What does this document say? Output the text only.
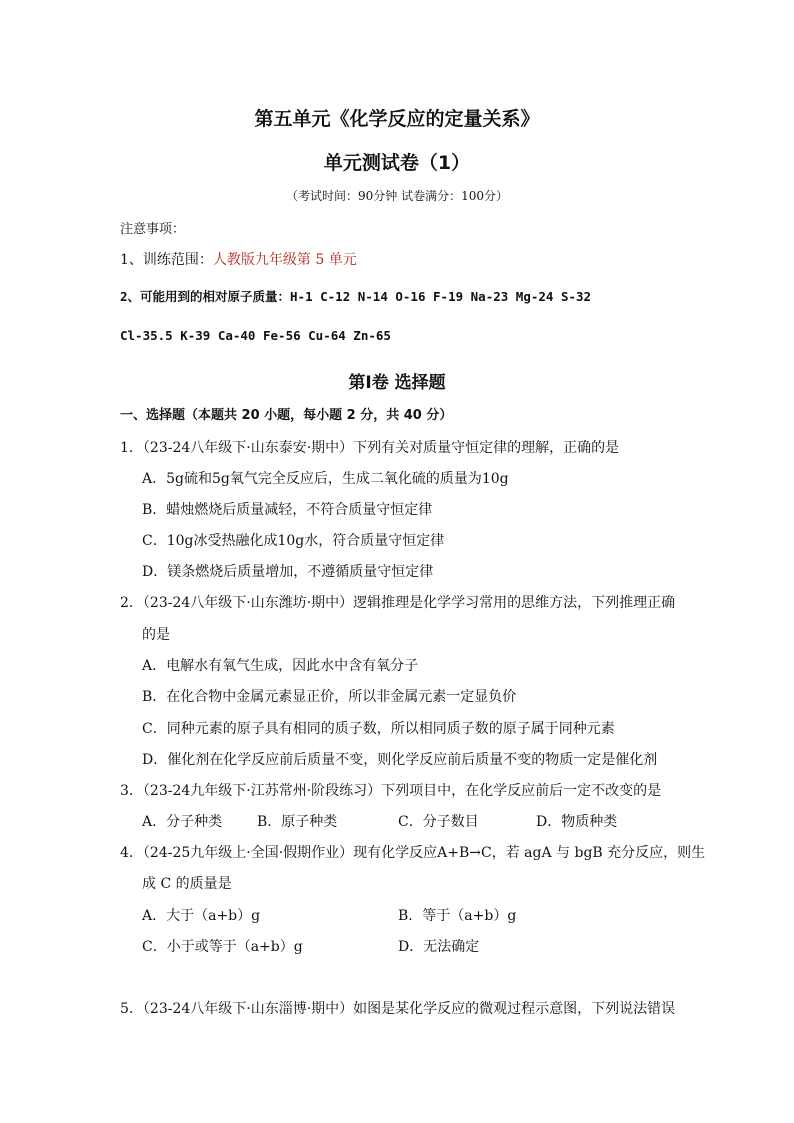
第五单元《化学反应的定量关系》
单元测试卷（1）
（考试时间：90分钟 试卷满分：100分）
注意事项：
1、训练范围：人教版九年级第 5 单元
2、可能用到的相对原子质量：H-1 C-12 N-14 O-16 F-19 Na-23 Mg-24 S-32
Cl-35.5 K-39 Ca-40 Fe-56 Cu-64 Zn-65
第Ⅰ卷 选择题
一、选择题（本题共 20 小题，每小题 2 分，共 40 分）
1．（23-24八年级下·山东泰安·期中）下列有关对质量守恒定律的理解，正确的是
A．5g硫和5g氧气完全反应后，生成二氧化硫的质量为10g
B．蜡烛燃烧后质量减轻，不符合质量守恒定律
C．10g冰受热融化成10g水，符合质量守恒定律
D．镁条燃烧后质量增加，不遵循质量守恒定律
2．（23-24八年级下·山东潍坊·期中）逻辑推理是化学学习常用的思维方法，下列推理正确
的是
A．电解水有氧气生成，因此水中含有氧分子
B．在化合物中金属元素显正价，所以非金属元素一定显负价
C．同种元素的原子具有相同的质子数，所以相同质子数的原子属于同种元素
D．催化剂在化学反应前后质量不变，则化学反应前后质量不变的物质一定是催化剂
3．（23-24九年级下·江苏常州·阶段练习）下列项目中，在化学反应前后一定不改变的是
A．分子种类 B．原子种类	C．分子数目	D．物质种类
4．（24-25九年级上·全国·假期作业）现有化学反应A+B→C，若 agA 与 bgB 充分反应，则生
成 C 的质量是
A．大于（a+b）g	B．等于（a+b）g
C．小于或等于（a+b）g	D．无法确定
5．（23-24八年级下·山东淄博·期中）如图是某化学反应的微观过程示意图，下列说法错误
